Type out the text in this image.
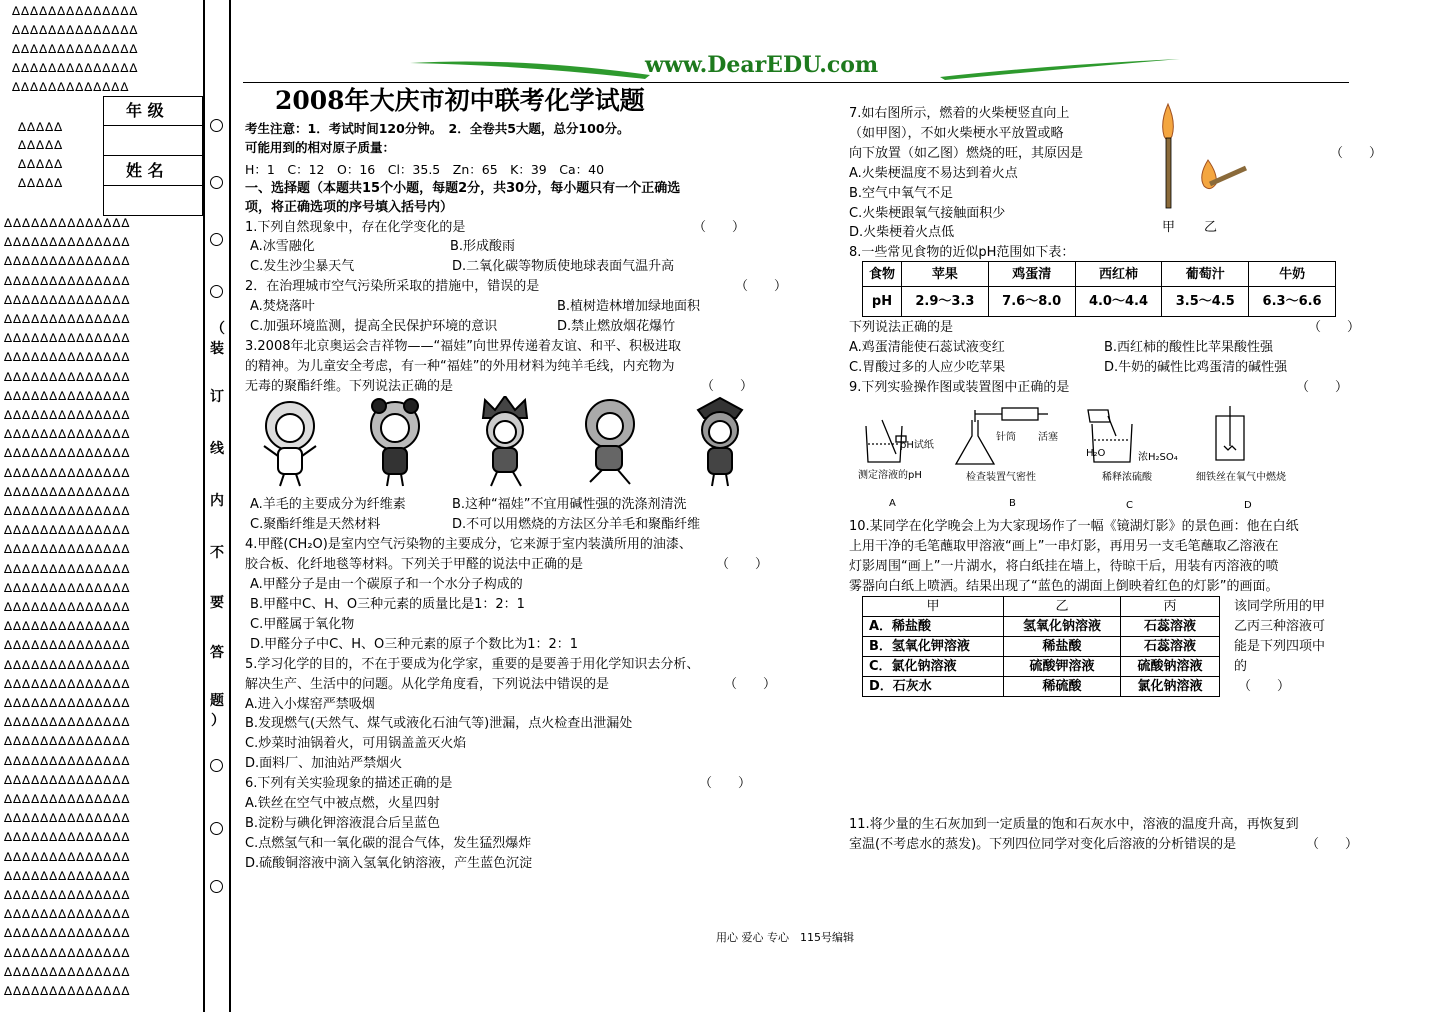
∆∆∆∆∆∆∆∆∆∆∆∆∆∆
∆∆∆∆∆∆∆∆∆∆∆∆∆∆
∆∆∆∆∆∆∆∆∆∆∆∆∆∆
∆∆∆∆∆∆∆∆∆∆∆∆∆∆
∆∆∆∆∆∆∆∆∆∆∆∆∆
∆∆∆∆∆
∆∆∆∆∆
∆∆∆∆∆
∆∆∆∆∆
年 级
姓 名
∆∆∆∆∆∆∆∆∆∆∆∆∆∆
∆∆∆∆∆∆∆∆∆∆∆∆∆∆
∆∆∆∆∆∆∆∆∆∆∆∆∆∆
∆∆∆∆∆∆∆∆∆∆∆∆∆∆
∆∆∆∆∆∆∆∆∆∆∆∆∆∆
∆∆∆∆∆∆∆∆∆∆∆∆∆∆
∆∆∆∆∆∆∆∆∆∆∆∆∆∆
∆∆∆∆∆∆∆∆∆∆∆∆∆∆
∆∆∆∆∆∆∆∆∆∆∆∆∆∆
∆∆∆∆∆∆∆∆∆∆∆∆∆∆
∆∆∆∆∆∆∆∆∆∆∆∆∆∆
∆∆∆∆∆∆∆∆∆∆∆∆∆∆
∆∆∆∆∆∆∆∆∆∆∆∆∆∆
∆∆∆∆∆∆∆∆∆∆∆∆∆∆
∆∆∆∆∆∆∆∆∆∆∆∆∆∆
∆∆∆∆∆∆∆∆∆∆∆∆∆∆
∆∆∆∆∆∆∆∆∆∆∆∆∆∆
∆∆∆∆∆∆∆∆∆∆∆∆∆∆
∆∆∆∆∆∆∆∆∆∆∆∆∆∆
∆∆∆∆∆∆∆∆∆∆∆∆∆∆
∆∆∆∆∆∆∆∆∆∆∆∆∆∆
∆∆∆∆∆∆∆∆∆∆∆∆∆∆
∆∆∆∆∆∆∆∆∆∆∆∆∆∆
∆∆∆∆∆∆∆∆∆∆∆∆∆∆
∆∆∆∆∆∆∆∆∆∆∆∆∆∆
∆∆∆∆∆∆∆∆∆∆∆∆∆∆
∆∆∆∆∆∆∆∆∆∆∆∆∆∆
∆∆∆∆∆∆∆∆∆∆∆∆∆∆
∆∆∆∆∆∆∆∆∆∆∆∆∆∆
∆∆∆∆∆∆∆∆∆∆∆∆∆∆
∆∆∆∆∆∆∆∆∆∆∆∆∆∆
∆∆∆∆∆∆∆∆∆∆∆∆∆∆
∆∆∆∆∆∆∆∆∆∆∆∆∆∆
∆∆∆∆∆∆∆∆∆∆∆∆∆∆
∆∆∆∆∆∆∆∆∆∆∆∆∆∆
∆∆∆∆∆∆∆∆∆∆∆∆∆∆
∆∆∆∆∆∆∆∆∆∆∆∆∆∆
∆∆∆∆∆∆∆∆∆∆∆∆∆∆
∆∆∆∆∆∆∆∆∆∆∆∆∆∆
∆∆∆∆∆∆∆∆∆∆∆∆∆∆
∆∆∆∆∆∆∆∆∆∆∆∆∆∆
（
装
订
线
内
不
要
答
题
）
www.DearEDU.com
2008年大庆市初中联考化学试题
考生注意：1．考试时间120分钟。　2．全卷共5大题，总分100分。
可能用到的相对原子质量：
H：1　C：12　O：16　Cl：35.5　Zn：65　K：39　Ca：40
一、选择题（本题共15个小题，每题2分，共30分，每小题只有一个正确选
项，将正确选项的序号填入括号内）
1.下列自然现象中，存在化学变化的是	（　　）
A.冰雪融化	B.形成酸雨
C.发生沙尘暴天气	D.二氧化碳等物质使地球表面气温升高
2．在治理城市空气污染所采取的措施中，错误的是	（　　）
A.焚烧落叶	B.植树造林增加绿地面积
C.加强环境监测，提高全民保护环境的意识	D.禁止燃放烟花爆竹
3.2008年北京奥运会吉祥物——“福娃”向世界传递着友谊、和平、积极进取
的精神。为儿童安全考虑，有一种“福娃”的外用材料为纯羊毛线，内充物为
无毒的聚酯纤维。下列说法正确的是	（　　）
A.羊毛的主要成分为纤维素	B.这种“福娃”不宜用碱性强的洗涤剂清洗
C.聚酯纤维是天然材料	D.不可以用燃烧的方法区分羊毛和聚酯纤维
4.甲醛(CH₂O)是室内空气污染物的主要成分，它来源于室内装潢所用的油漆、
胶合板、化纤地毯等材料。下列关于甲醛的说法中正确的是	（　　）
A.甲醛分子是由一个碳原子和一个水分子构成的
B.甲醛中C、H、O三种元素的质量比是1：2：1
C.甲醛属于氧化物
D.甲醛分子中C、H、O三种元素的原子个数比为1：2：1
5.学习化学的目的，不在于要成为化学家，重要的是要善于用化学知识去分析、
解决生产、生活中的问题。从化学角度看，下列说法中错误的是	（　　）
A.进入小煤窑严禁吸烟
B.发现燃气(天然气、煤气或液化石油气等)泄漏，点火检查出泄漏处
C.炒菜时油锅着火，可用锅盖盖灭火焰
D.面料厂、加油站严禁烟火
6.下列有关实验现象的描述正确的是	（　　）
A.铁丝在空气中被点燃，火星四射
B.淀粉与碘化钾溶液混合后呈蓝色
C.点燃氢气和一氧化碳的混合气体，发生猛烈爆炸
D.硫酸铜溶液中滴入氢氧化钠溶液，产生蓝色沉淀
7.如右图所示，燃着的火柴梗竖直向上
（如甲图），不如火柴梗水平放置或略
向下放置（如乙图）燃烧的旺，其原因是	（　　）
A.火柴梗温度不易达到着火点
B.空气中氧气不足
C.火柴梗跟氧气接触面积少
D.火柴梗着火点低	甲 乙
8.一些常见食物的近似pH范围如下表：
食物	苹果	鸡蛋清	西红柿	葡萄汁	牛奶
pH	2.9～3.3	7.6～8.0	4.0～4.4	3.5～4.5	6.3～6.6
下列说法正确的是	（　　）
A.鸡蛋清能使石蕊试液变红	B.西红柿的酸性比苹果酸性强
C.胃酸过多的人应少吃苹果	D.牛奶的碱性比鸡蛋清的碱性强
9.下列实验操作图或装置图中正确的是	（　　）
pH试纸
针筒 活塞
H₂O	浓H₂SO₄
测定溶液的pH	检查装置气密性	稀释浓硫酸	细铁丝在氧气中燃烧
A	B	C	D
10.某同学在化学晚会上为大家现场作了一幅《镜湖灯影》的景色画：他在白纸
上用干净的毛笔蘸取甲溶液“画上”一串灯影，再用另一支毛笔蘸取乙溶液在
灯影周围“画上”一片湖水，将白纸挂在墙上，待晾干后，用装有丙溶液的喷
雾器向白纸上喷洒。结果出现了“蓝色的湖面上倒映着红色的灯影”的画面。
甲	乙	丙
A．稀盐酸	氢氧化钠溶液	石蕊溶液
B．氢氧化钾溶液	稀盐酸	石蕊溶液
C．氯化钠溶液	硫酸钾溶液	硫酸钠溶液
D．石灰水	稀硫酸	氯化钠溶液
该同学所用的甲
乙丙三种溶液可
能是下列四项中
的
（　　）
11.将少量的生石灰加到一定质量的饱和石灰水中，溶液的温度升高，再恢复到
室温(不考虑水的蒸发)。下列四位同学对变化后溶液的分析错误的是	（　　）
用心 爱心 专心　115号编辑
